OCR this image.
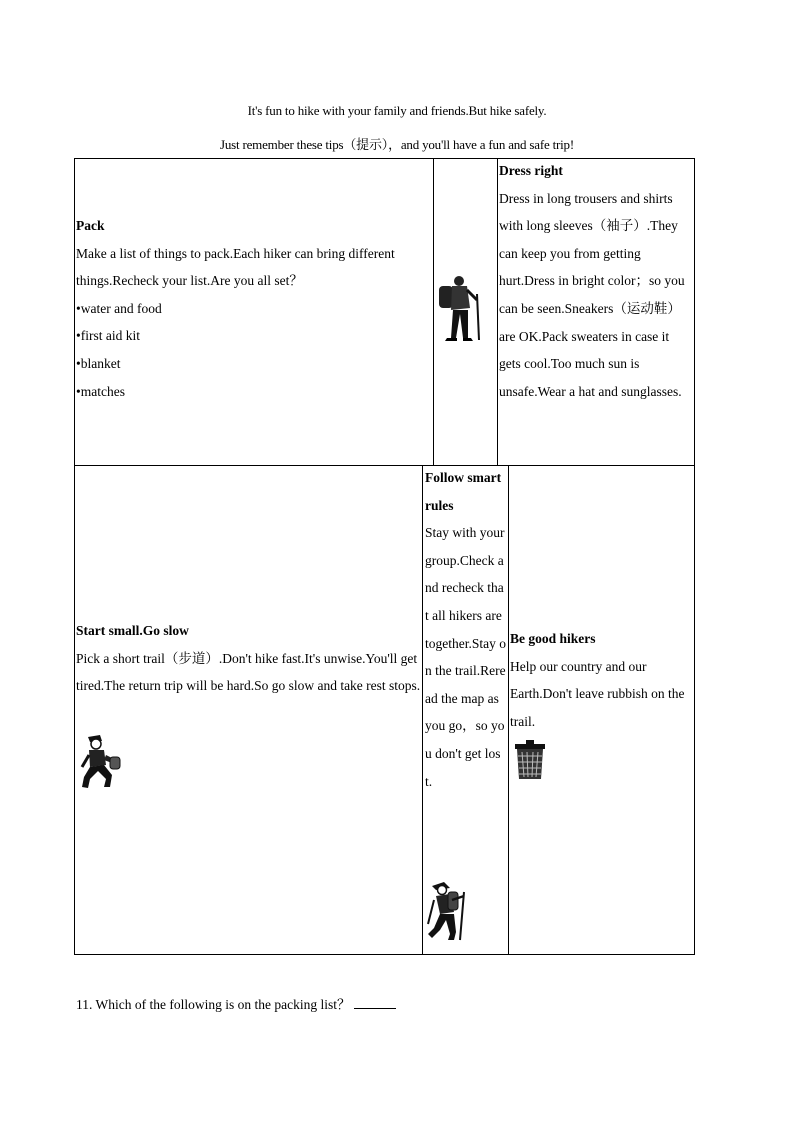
It's fun to hike with your family and friends.But hike safely.
Just remember these tips（提示），and you'll have a fun and safe trip!
Pack
Make a list of things to pack.Each hiker can bring different things.Recheck your list.Are you all set？
•water and food
•first aid kit
•blanket
•matches
Dress right
Dress in long trousers and shirts with long sleeves（袖子）.They can keep you from getting hurt.Dress in bright color；so you can be seen.Sneakers（运动鞋）are OK.Pack sweaters in case it gets cool.Too much sun is unsafe.Wear a hat and sunglasses.
Start small.Go slow
Pick a short trail（步道）.Don't hike fast.It's unwise.You'll get tired.The return trip will be hard.So go slow and take rest stops.
Follow smart rules
Stay with your group.Check and recheck that all hikers are together.Stay on the trail.Reread the map as you go，so you don't get lost.
Be good hikers
Help our country and our Earth.Don't leave rubbish on the trail.
11. Which of the following is on the packing list？
